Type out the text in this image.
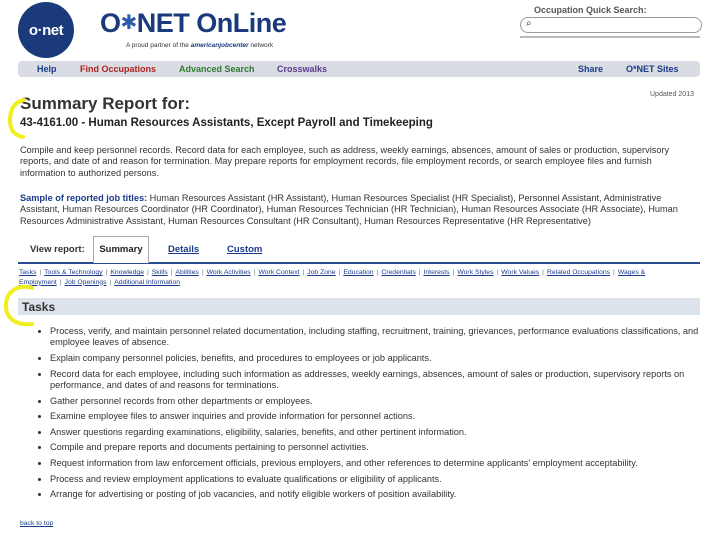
o·net	O✱NET OnLine
A proud partner of the americanjobcenter network
Occupation Quick Search:
⌕
Help	Find Occupations	Advanced Search Crosswalks	Share	O*NET Sites
Updated 2013
Summary Report for:
43-4161.00 - Human Resources Assistants, Except Payroll and Timekeeping

Compile and keep personnel records. Record data for each employee, such as address, weekly earnings, absences, amount of sales or production, supervisory reports, and date of and reason for termination. May prepare reports for employment records, file employment records, or search employee files and furnish information to authorized persons.

Sample of reported job titles: Human Resources Assistant (HR Assistant), Human Resources Specialist (HR Specialist), Personnel Assistant, Administrative Assistant, Human Resources Coordinator (HR Coordinator), Human Resources Technician (HR Technician), Human Resources Associate (HR Associate), Human Resources Administrative Assistant, Human Resources Consultant (HR Consultant), Human Resources Representative (HR Representative)

View report:	Summary	Details	Custom
Tasks | Tools & Technology | Knowledge | Skills | Abilities | Work Activities | Work Context | Job Zone | Education | Credentials | Interests | Work Styles | Work Values | Related Occupations | Wages & Employment | Job Openings | Additional Information
Tasks
• Process, verify, and maintain personnel related documentation, including staffing, recruitment, training, grievances, performance evaluations classifications, and employee leaves of absence.
• Explain company personnel policies, benefits, and procedures to employees or job applicants.
• Record data for each employee, including such information as addresses, weekly earnings, absences, amount of sales or production, supervisory reports on performance, and dates of and reasons for terminations.
• Gather personnel records from other departments or employees.
• Examine employee files to answer inquiries and provide information for personnel actions.
• Answer questions regarding examinations, eligibility, salaries, benefits, and other pertinent information.
• Compile and prepare reports and documents pertaining to personnel activities.
• Request information from law enforcement officials, previous employers, and other references to determine applicants' employment acceptability.
• Process and review employment applications to evaluate qualifications or eligibility of applicants.
• Arrange for advertising or posting of job vacancies, and notify eligible workers of position availability.
back to top
